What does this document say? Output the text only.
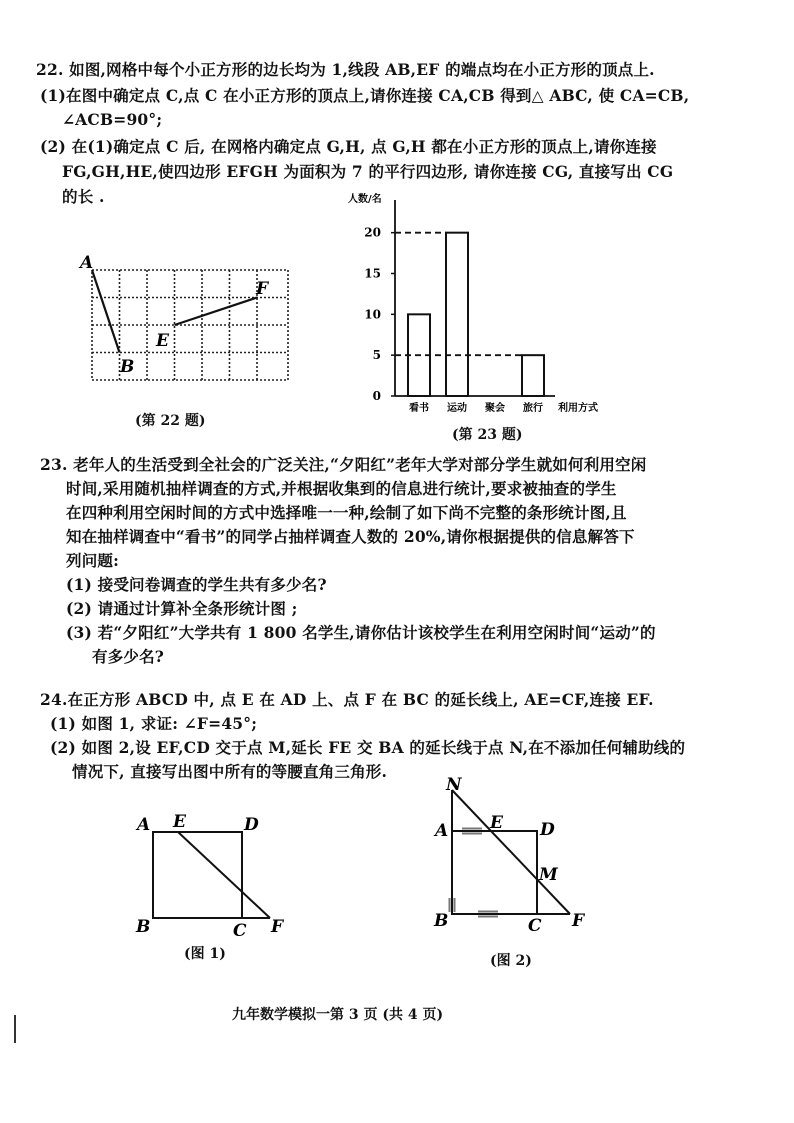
22. 如图,网格中每个小正方形的边长均为 1,线段 AB,EF 的端点均在小正方形的顶点上.
(1)在图中确定点 C,点 C 在小正方形的顶点上,请你连接 CA,CB 得到△ ABC, 使 CA=CB,
∠ACB=90°;
(2) 在(1)确定点 C 后, 在网格内确定点 G,H, 点 G,H 都在小正方形的顶点上,请你连接
FG,GH,HE,使四边形 EFGH 为面积为 7 的平行四边形, 请你连接 CG, 直接写出 CG
的长 .
A
B
E
F
(第 22 题)
人数/名
利用方式
0
5
10
15
20
看书 运动 聚会 旅行
(第 23 题)
23. 老年人的生活受到全社会的广泛关注,“夕阳红”老年大学对部分学生就如何利用空闲
时间,采用随机抽样调查的方式,并根据收集到的信息进行统计,要求被抽查的学生
在四种利用空闲时间的方式中选择唯一一种,绘制了如下尚不完整的条形统计图,且
知在抽样调查中“看书”的同学占抽样调查人数的 20%,请你根据提供的信息解答下
列问题:
(1) 接受问卷调查的学生共有多少名?
(2) 请通过计算补全条形统计图 ;
(3) 若“夕阳红”大学共有 1 800 名学生,请你估计该校学生在利用空闲时间“运动”的
有多少名?
24.在正方形 ABCD 中, 点 E 在 AD 上、点 F 在 BC 的延长线上, AE=CF,连接 EF.
(1) 如图 1, 求证: ∠F=45°;
(2) 如图 2,设 EF,CD 交于点 M,延长 FE 交 BA 的延长线于点 N,在不添加任何辅助线的
情况下, 直接写出图中所有的等腰直角三角形.
A E	D
B	C F
(图 1)
N
A E D
M
B	C F
(图 2)
九年数学模拟一第 3 页 (共 4 页)
